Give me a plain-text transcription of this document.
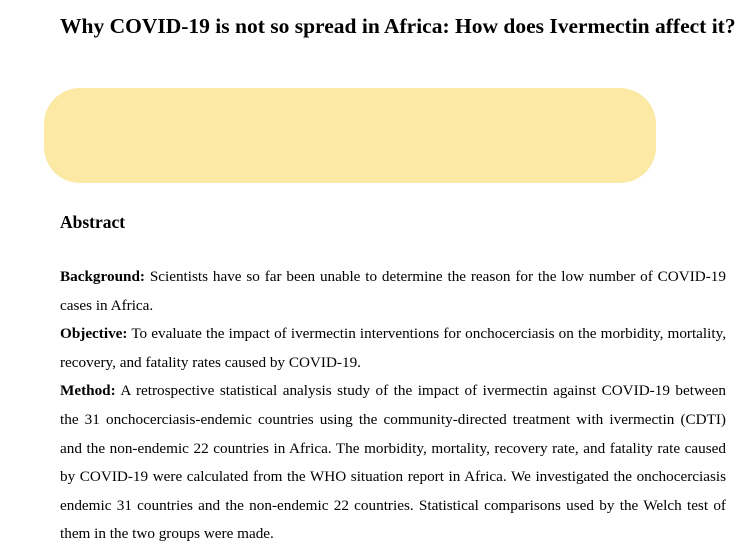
Why COVID-19 is not so spread in Africa: How does Ivermectin affect it?
Abstract

Background: Scientists have so far been unable to determine the reason for the low number of COVID-19 cases in Africa.

Objective: To evaluate the impact of ivermectin interventions for onchocerciasis on the morbidity, mortality, recovery, and fatality rates caused by COVID-19.

Method: A retrospective statistical analysis study of the impact of ivermectin against COVID-19 between the 31 onchocerciasis-endemic countries using the community-directed treatment with ivermectin (CDTI) and the non-endemic 22 countries in Africa. The morbidity, mortality, recovery rate, and fatality rate caused by COVID-19 were calculated from the WHO situation report in Africa. We investigated the onchocerciasis endemic 31 countries and the non-endemic 22 countries. Statistical comparisons used by the Welch test of them in the two groups were made.
